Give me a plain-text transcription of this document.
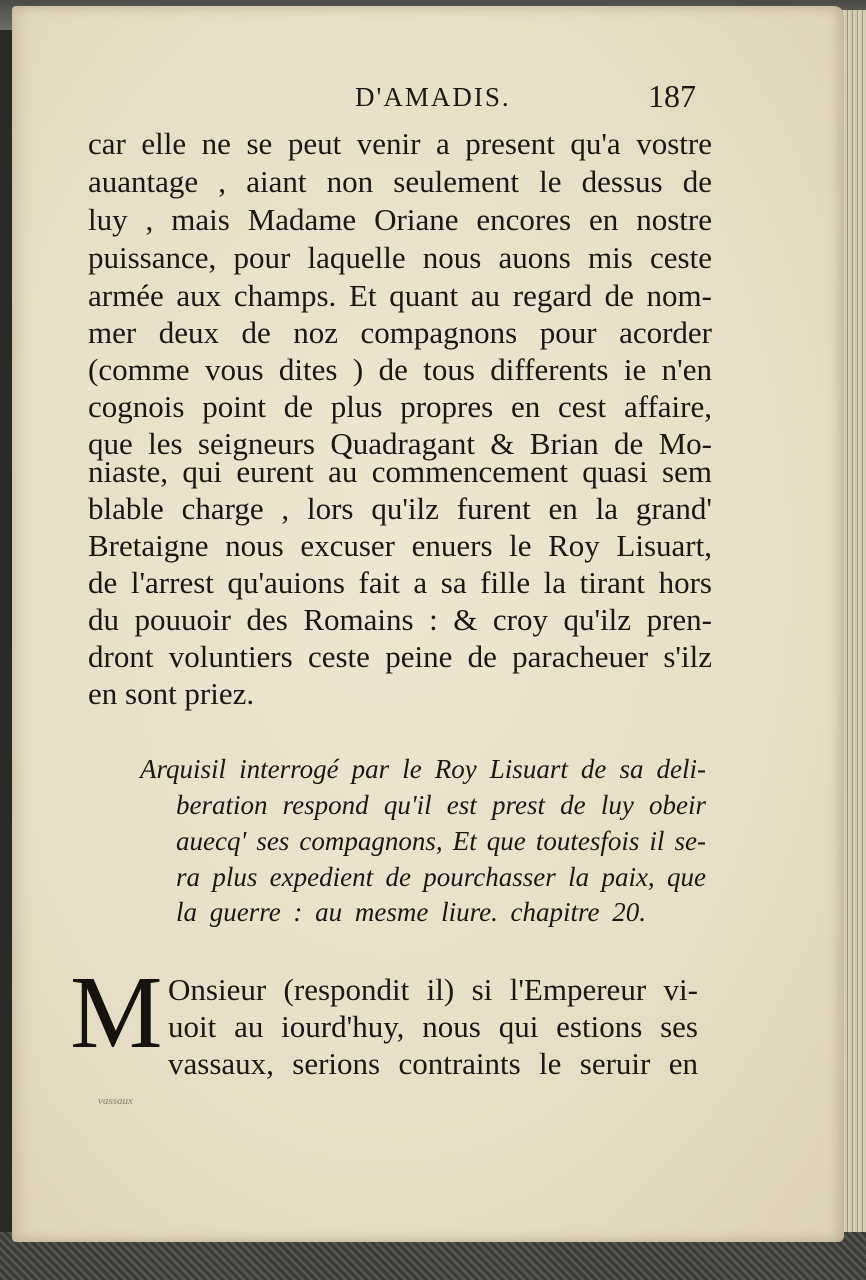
D'AMADIS.	187
car elle ne se peut venir a present qu'a vostre
auantage , aiant non seulement le dessus de
luy , mais Madame Oriane encores en nostre
puissance, pour laquelle nous auons mis ceste
armée aux champs. Et quant au regard de nom-
mer deux de noz compagnons pour acorder
(comme vous dites ) de tous differents ie n'en
cognois point de plus propres en cest affaire,
que les seigneurs Quadragant & Brian de Mo-
niaste, qui eurent au commencement quasi sem
blable charge , lors qu'ilz furent en la grand'
Bretaigne nous excuser enuers le Roy Lisuart,
de l'arrest qu'auions fait a sa fille la tirant hors
du pouuoir des Romains : & croy qu'ilz pren-
dront voluntiers ceste peine de paracheuer s'ilz
en sont priez.
Arquisil interrogé par le Roy Lisuart de sa deli-
beration respond qu'il est prest de luy obeir
auecq' ses compagnons, Et que toutesfois il se-
ra plus expedient de pourchasser la paix, que
la guerre : au mesme liure. chapitre 20.
M Onsieur (respondit il) si l'Empereur vi-
uoit au iourd'huy, nous qui estions ses
vassaux, serions contraints le seruir en
vassaux
